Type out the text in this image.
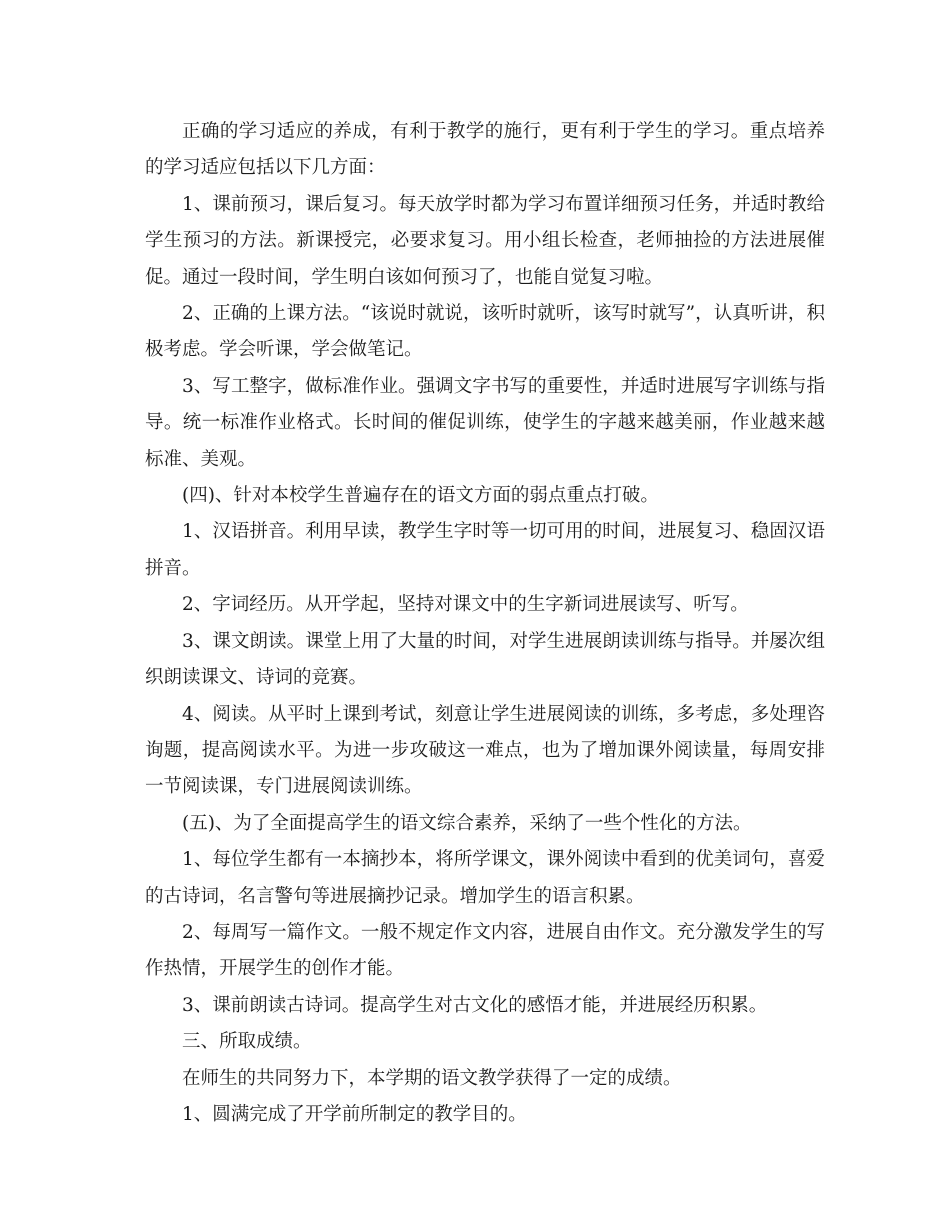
正确的学习适应的养成，有利于教学的施行，更有利于学生的学习。重点培养的学习适应包括以下几方面：

1、课前预习，课后复习。每天放学时都为学习布置详细预习任务，并适时教给学生预习的方法。新课授完，必要求复习。用小组长检查，老师抽捡的方法进展催促。通过一段时间，学生明白该如何预习了，也能自觉复习啦。

2、正确的上课方法。“该说时就说，该听时就听，该写时就写”，认真听讲，积极考虑。学会听课，学会做笔记。

3、写工整字，做标准作业。强调文字书写的重要性，并适时进展写字训练与指导。统一标准作业格式。长时间的催促训练，使学生的字越来越美丽，作业越来越标准、美观。

(四)、针对本校学生普遍存在的语文方面的弱点重点打破。

1、汉语拼音。利用早读，教学生字时等一切可用的时间，进展复习、稳固汉语拼音。

2、字词经历。从开学起，坚持对课文中的生字新词进展读写、听写。

3、课文朗读。课堂上用了大量的时间，对学生进展朗读训练与指导。并屡次组织朗读课文、诗词的竞赛。

4、阅读。从平时上课到考试，刻意让学生进展阅读的训练，多考虑，多处理咨询题，提高阅读水平。为进一步攻破这一难点，也为了增加课外阅读量，每周安排一节阅读课，专门进展阅读训练。

(五)、为了全面提高学生的语文综合素养，采纳了一些个性化的方法。

1、每位学生都有一本摘抄本，将所学课文，课外阅读中看到的优美词句，喜爱的古诗词，名言警句等进展摘抄记录。增加学生的语言积累。

2、每周写一篇作文。一般不规定作文内容，进展自由作文。充分激发学生的写作热情，开展学生的创作才能。

3、课前朗读古诗词。提高学生对古文化的感悟才能，并进展经历积累。

三、所取成绩。

在师生的共同努力下，本学期的语文教学获得了一定的成绩。

1、圆满完成了开学前所制定的教学目的。
